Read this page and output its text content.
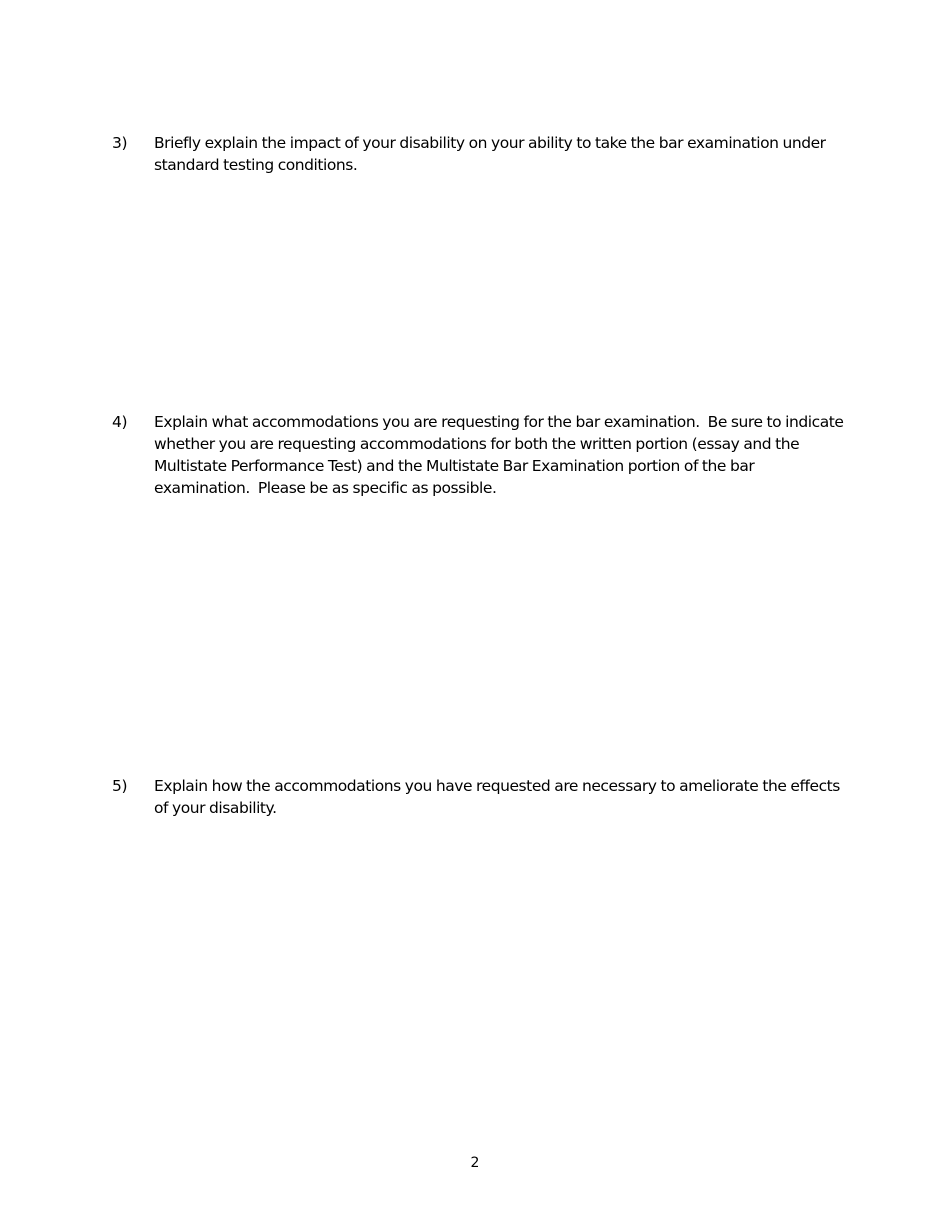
3) Briefly explain the impact of your disability on your ability to take the bar examination under standard testing conditions.
4) Explain what accommodations you are requesting for the bar examination.  Be sure to indicate whether you are requesting accommodations for both the written portion (essay and the Multistate Performance Test) and the Multistate Bar Examination portion of the bar examination.  Please be as specific as possible.
5) Explain how the accommodations you have requested are necessary to ameliorate the effects of your disability.
2
